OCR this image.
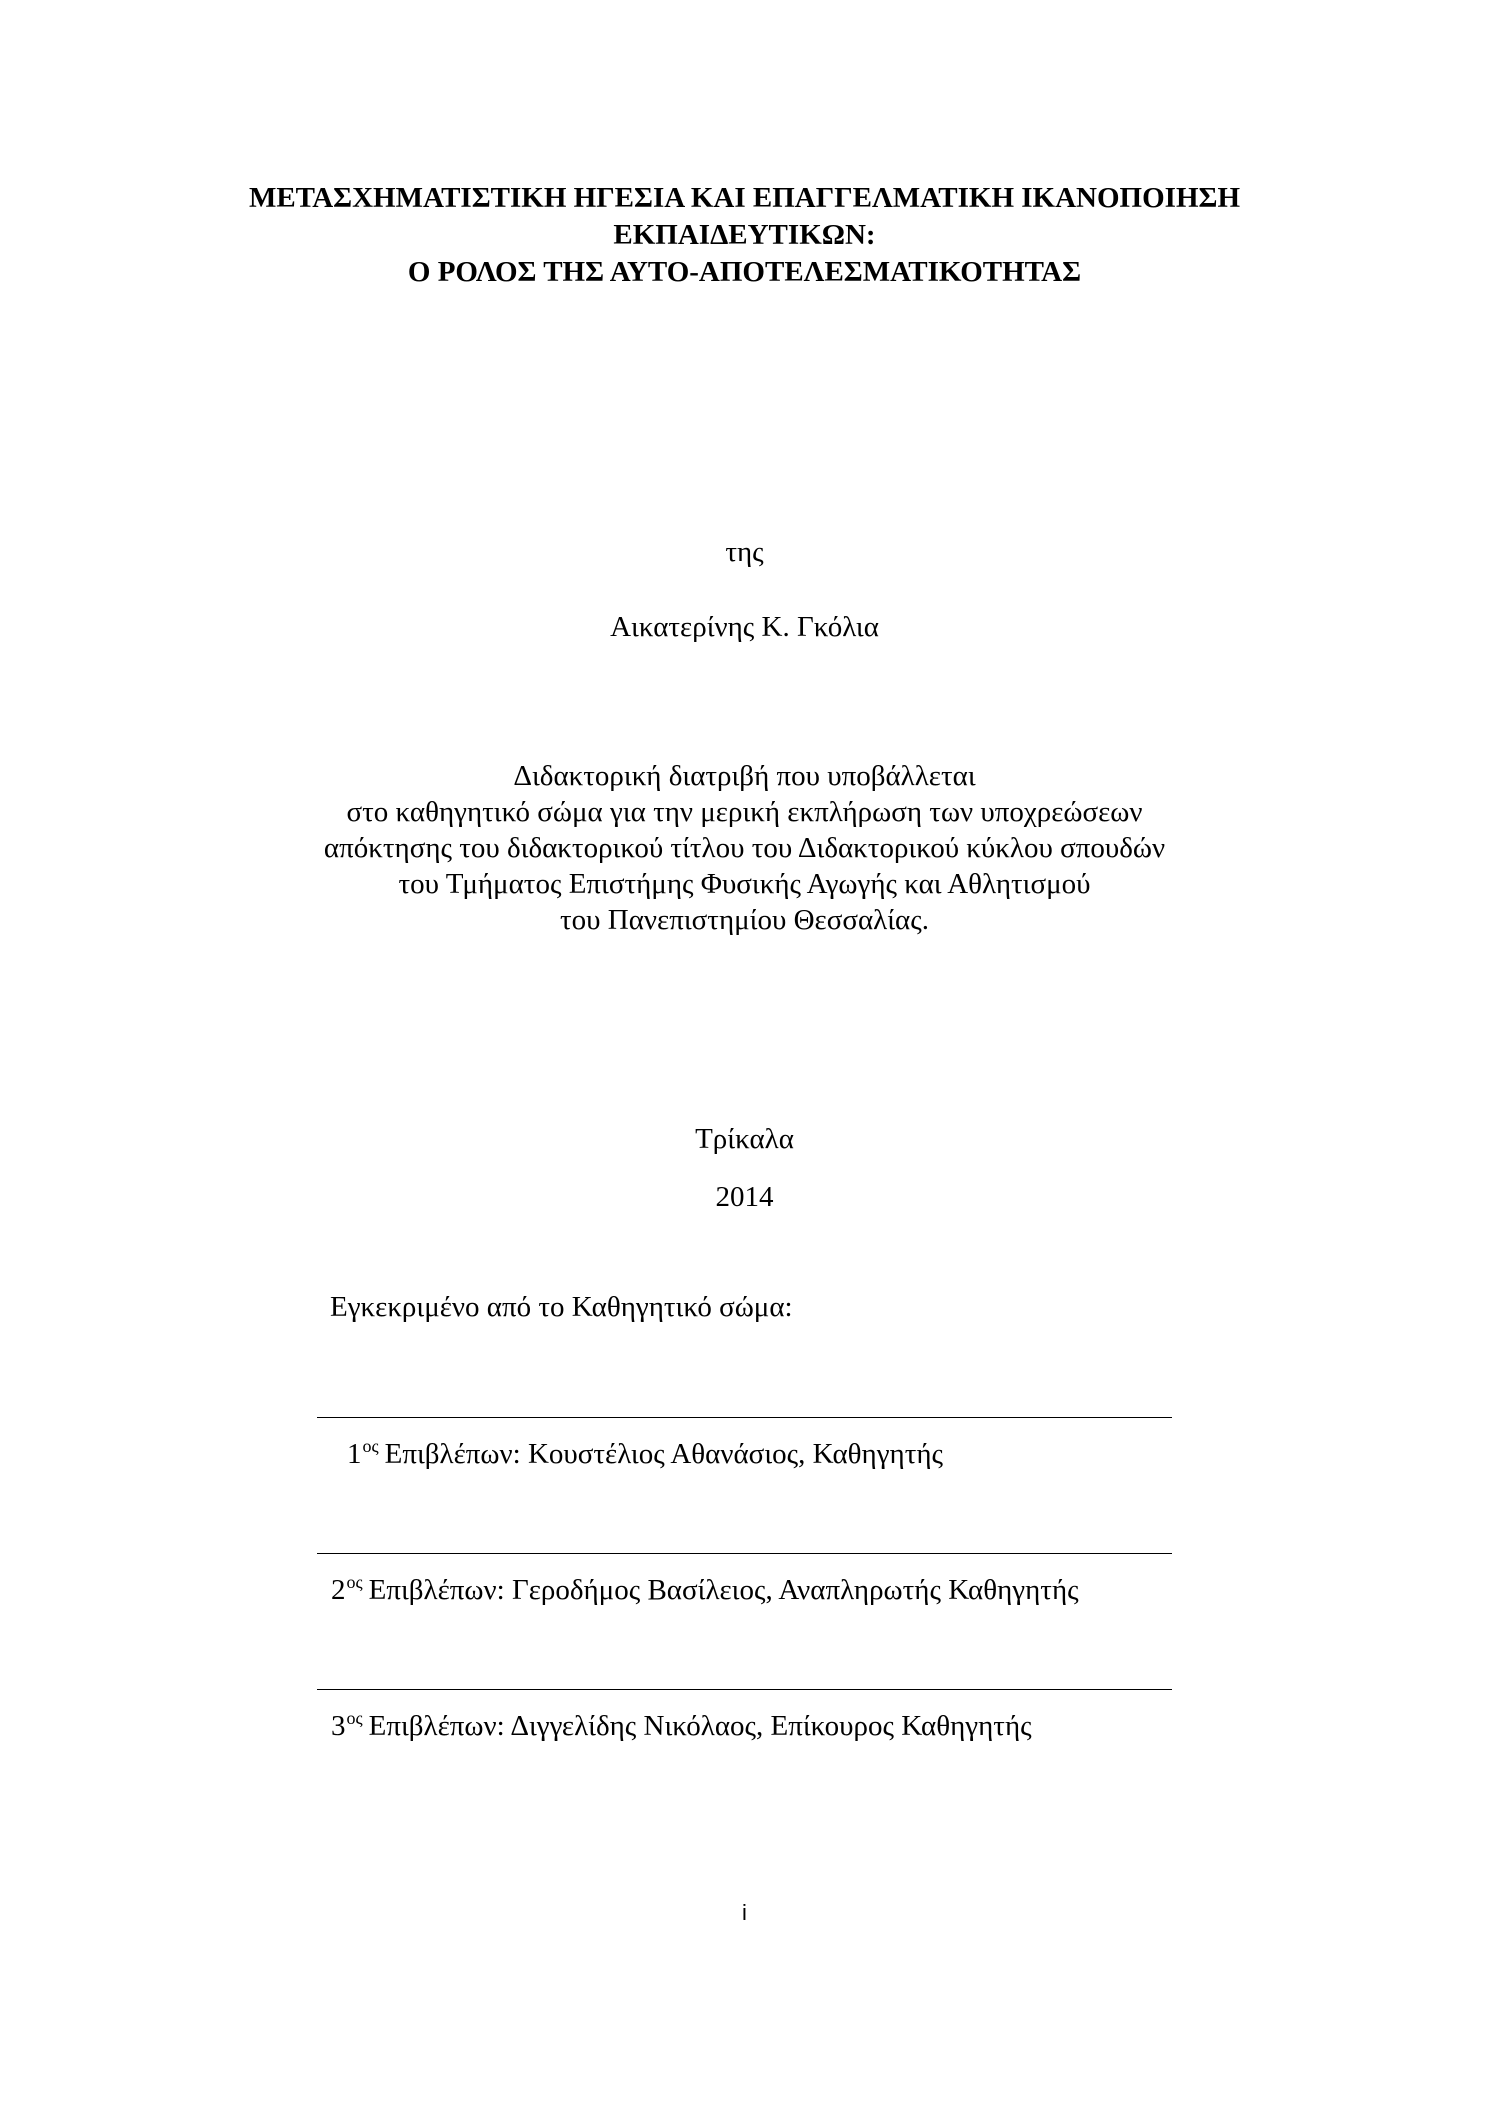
ΜΕΤΑΣΧΗΜΑΤΙΣΤΙΚΗ ΗΓΕΣΙΑ ΚΑΙ ΕΠΑΓΓΕΛΜΑΤΙΚΗ ΙΚΑΝΟΠΟΙΗΣΗ
ΕΚΠΑΙΔΕΥΤΙΚΩΝ:
Ο ΡΟΛΟΣ ΤΗΣ ΑΥΤΟ-ΑΠΟΤΕΛΕΣΜΑΤΙΚΟΤΗΤΑΣ
της
Αικατερίνης Κ. Γκόλια
Διδακτορική διατριβή που υποβάλλεται
στο καθηγητικό σώμα για την μερική εκπλήρωση των υποχρεώσεων
απόκτησης του διδακτορικού τίτλου του Διδακτορικού κύκλου σπουδών
του Τμήματος Επιστήμης Φυσικής Αγωγής και Αθλητισμού
του Πανεπιστημίου Θεσσαλίας.
Τρίκαλα
2014
Εγκεκριμένο από το Καθηγητικό σώμα:
$1^{o\varsigma}$ Επιβλέπων: Κουστέλιος Αθανάσιος, Καθηγητής
$2^{o\varsigma}$ Επιβλέπων: Γεροδήμος Βασίλειος, Αναπληρωτής Καθηγητής
$3^{o\varsigma}$ Επιβλέπων: Διγγελίδης Νικόλαος, Επίκουρος Καθηγητής
i
